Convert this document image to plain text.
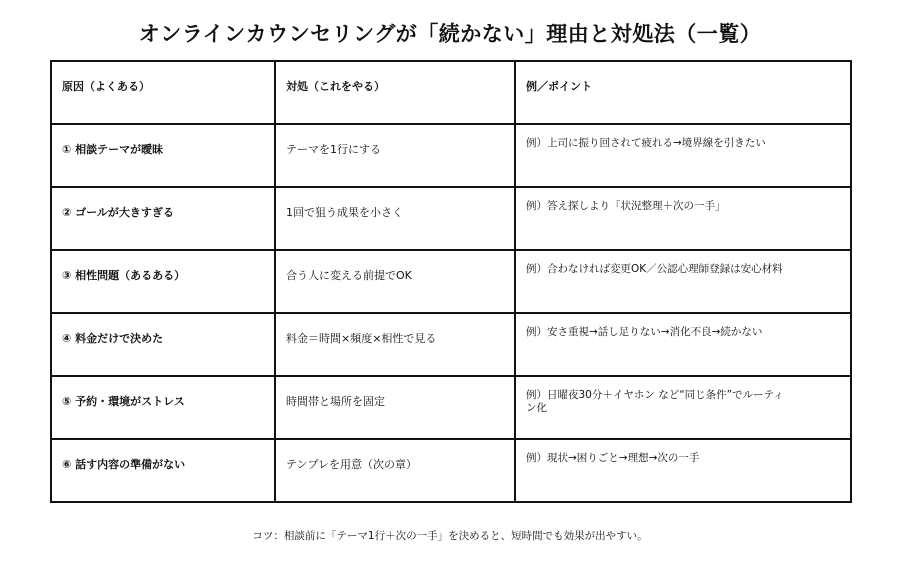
オンラインカウンセリングが「続かない」理由と対処法（一覧）
原因（よくある）	対処（これをやる）	例／ポイント

① 相談テーマが曖昧	テーマを1行にする	例）上司に振り回されて疲れる→境界線を引きたい

② ゴールが大きすぎる	1回で狙う成果を小さく	例）答え探しより「状況整理＋次の一手」

③ 相性問題（あるある）	合う人に変える前提でOK	例）合わなければ変更OK／公認心理師登録は安心材料

④ 料金だけで決めた	料金＝時間×頻度×相性で見る	例）安さ重視→話し足りない→消化不良→続かない

⑤ 予約・環境がストレス	時間帯と場所を固定	例）日曜夜30分＋イヤホン など“同じ条件”でルーティン化

⑥ 話す内容の準備がない	テンプレを用意（次の章）	例）現状→困りごと→理想→次の一手
コツ：相談前に「テーマ1行＋次の一手」を決めると、短時間でも効果が出やすい。
